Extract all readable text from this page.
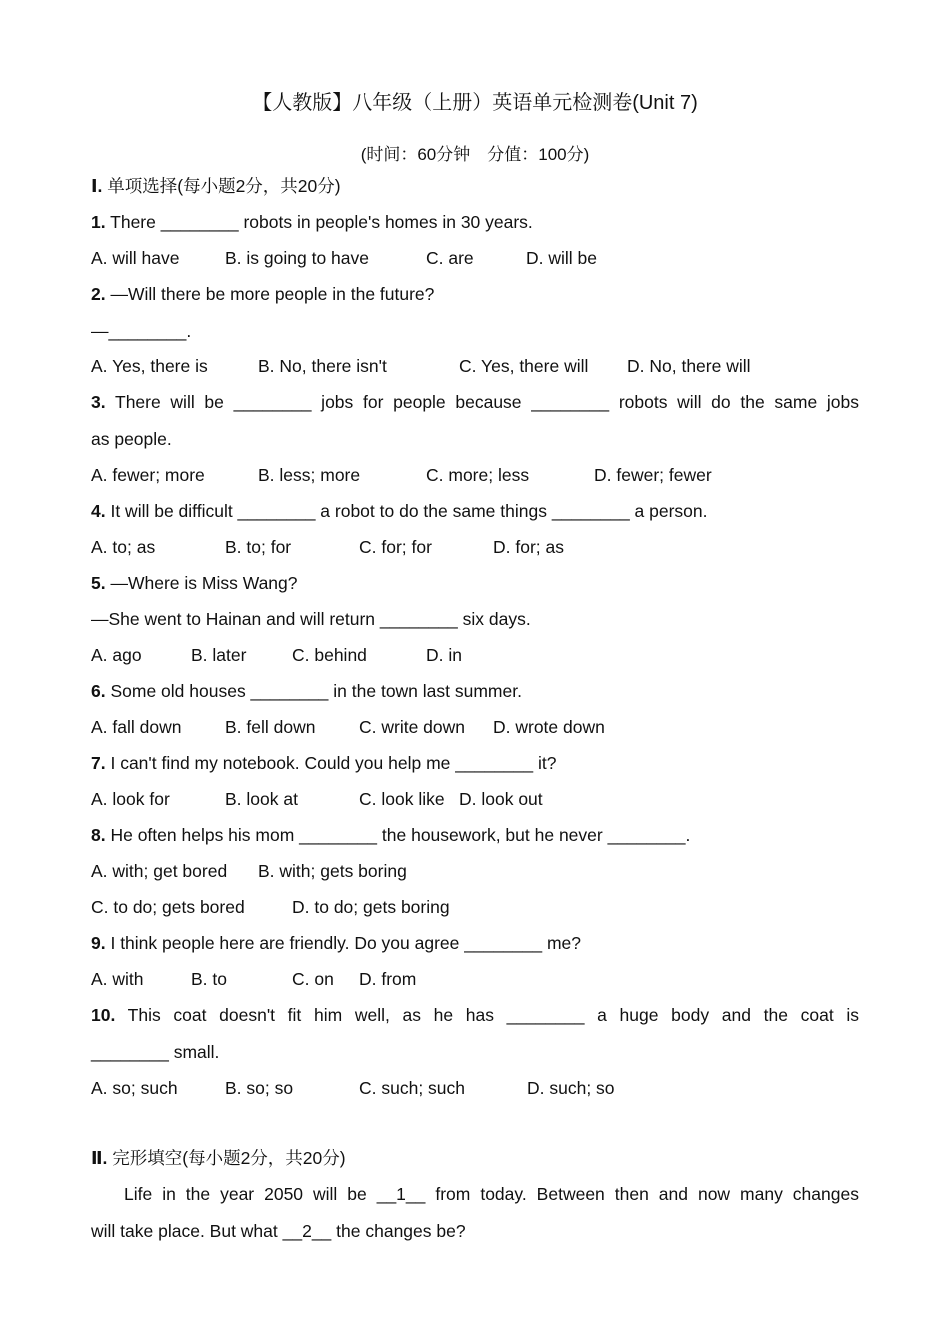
【人教版】八年级（上册）英语单元检测卷(Unit 7)
(时间：60分钟　分值：100分)
Ⅰ. 单项选择(每小题2分，共20分)
1. There ________ robots in people's homes in 30 years.
A. will have	B. is going to have	C. are	D. will be
2. —Will there be more people in the future?
—________.
A. Yes, there is	B. No, there isn't	C. Yes, there will D. No, there will
3. There will be ________ jobs for people because ________ robots will do the same jobs
as people.
A. fewer; more	B. less; more	C. more; less	D. fewer; fewer
4. It will be difficult ________ a robot to do the same things ________ a person.
A. to; as	B. to; for	C. for; for	D. for; as
5. —Where is Miss Wang?
—She went to Hainan and will return ________ six days.
A. ago	B. later	C. behind	D. in
6. Some old houses ________ in the town last summer.
A. fall down B. fell down C. write down D. wrote down
7. I can't find my notebook. Could you help me ________ it?
A. look for	B. look at	C. look like D. look out
8. He often helps his mom ________ the housework, but he never ________.
A. with; get bored B. with; gets boring
C. to do; gets bored	D. to do; gets boring
9. I think people here are friendly. Do you agree ________ me?
A. with	B. to	C. on D. from
10. This coat doesn't fit him well, as he has ________ a huge body and the coat is
________ small.
A. so; such	B. so; so	C. such; such	D. such; so
Ⅱ. 完形填空(每小题2分，共20分)
Life in the year 2050 will be __1__ from today. Between then and now many changes
will take place. But what __2__ the changes be?
